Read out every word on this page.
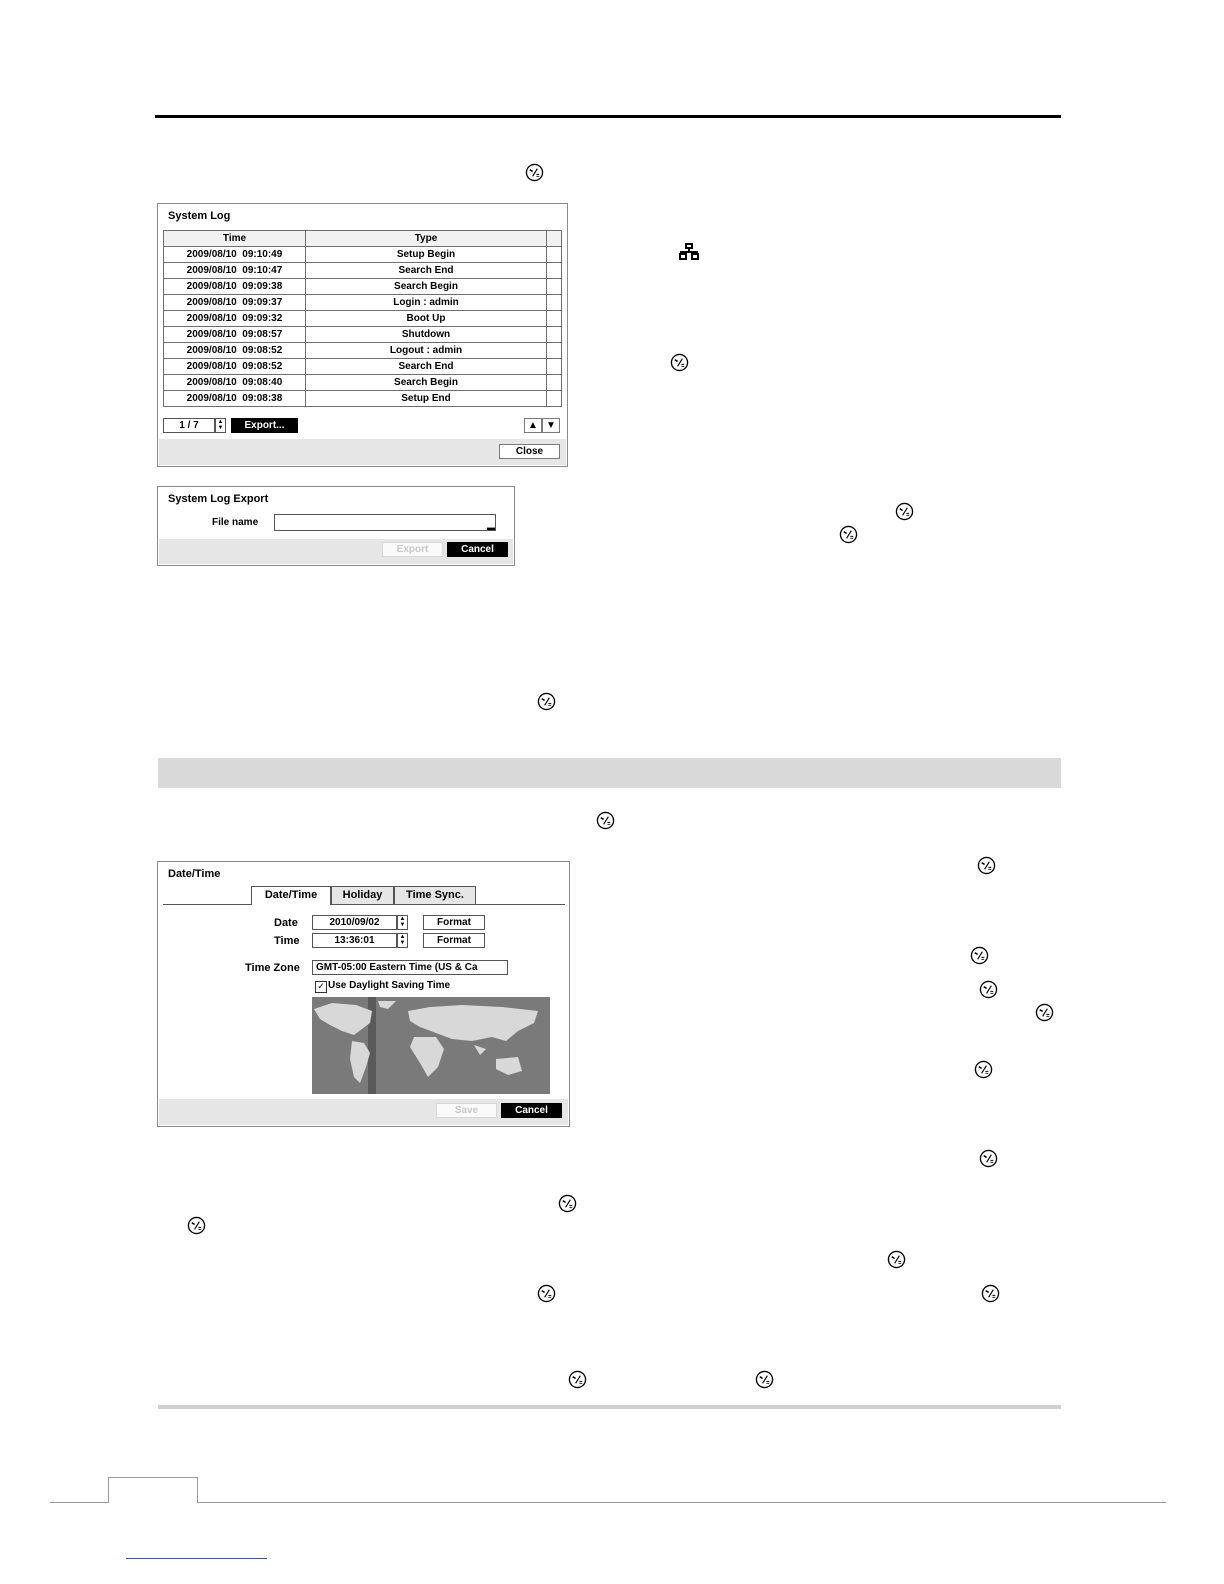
System Log
Time	Type	
2009/08/10  09:10:49	Setup Begin	
2009/08/10  09:10:47	Search End	
2009/08/10  09:09:38	Search Begin	
2009/08/10  09:09:37	Login : admin	
2009/08/10  09:09:32	Boot Up	
2009/08/10  09:08:57	Shutdown	
2009/08/10  09:08:52	Logout : admin	
2009/08/10  09:08:52	Search End	
2009/08/10  09:08:40	Search Begin	
2009/08/10  09:08:38	Setup End	
1 / 7	▲
▼	Export...	▲ ▼
Close
System Log Export
File name	▬
Export	Cancel
Date/Time
Date/Time	Holiday	Time Sync.
Date	2010/09/02	▲
▼	Format
Time	13:36:01	▲
▼	Format
Time Zone	GMT-05:00 Eastern Time (US & Ca
✓ Use Daylight Saving Time
Save	Cancel
